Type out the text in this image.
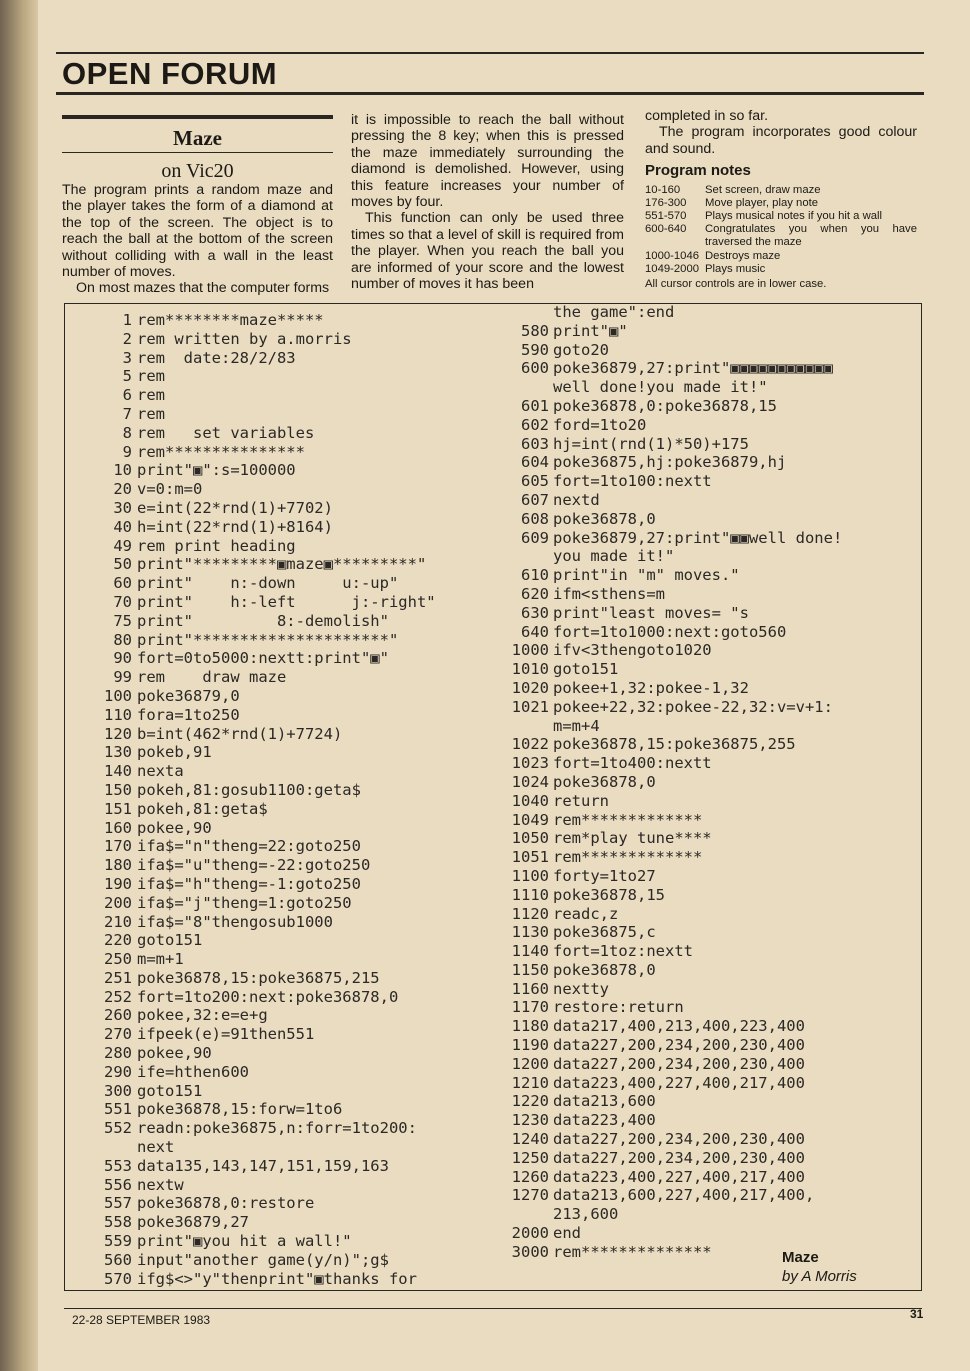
OPEN FORUM
Maze
on Vic20

The program prints a random maze and the player takes the form of a diamond at the top of the screen. The object is to reach the ball at the bottom of the screen without colliding with a wall in the least number of moves.

On most mazes that the computer forms

it is impossible to reach the ball without pressing the 8 key; when this is pressed the maze immediately surrounding the diamond is demolished. However, using this feature increases your number of moves by four.

This function can only be used three times so that a level of skill is required from the player. When you reach the ball you are informed of your score and the lowest number of moves it has been

completed in so far.

The program incorporates good colour and sound.

Program notes
10-160	Set screen, draw maze
176-300	Move player, play note
551-570	Plays musical notes if you hit a wall
600-640	Congratulates you when you have traversed the maze
1000-1046 Destroys maze
1049-2000 Plays music
All cursor controls are in lower case.
1 rem********maze*****
2 rem written by a.morris
3 rem  date:28/2/83
5 rem
6 rem
7 rem
8 rem   set variables
9 rem***************
10 print"▣":s=100000
20 v=0:m=0
30 e=int(22*rnd(1)+7702)
40 h=int(22*rnd(1)+8164)
49 rem print heading
50 print"*********▣maze▣*********"
60 print"    n:-down     u:-up"
70 print"    h:-left      j:-right"
75 print"         8:-demolish"
80 print"*********************"
90 fort=0to5000:nextt:print"▣"
99 rem    draw maze
100 poke36879,0
110 fora=1to250
120 b=int(462*rnd(1)+7724)
130 pokeb,91
140 nexta
150 pokeh,81:gosub1100:geta$
151 pokeh,81:geta$
160 pokee,90
170 ifa$="n"theng=22:goto250
180 ifa$="u"theng=-22:goto250
190 ifa$="h"theng=-1:goto250
200 ifa$="j"theng=1:goto250
210 ifa$="8"thengosub1000
220 goto151
250 m=m+1
251 poke36878,15:poke36875,215
252 fort=1to200:next:poke36878,0
260 pokee,32:e=e+g
270 ifpeek(e)=91then551
280 pokee,90
290 ife=hthen600
300 goto151
551 poke36878,15:forw=1to6
552 readn:poke36875,n:forr=1to200:
next
553 data135,143,147,151,159,163
556 nextw
557 poke36878,0:restore
558 poke36879,27
559 print"▣you hit a wall!"
560 input"another game(y/n)";g$
570 ifg$<>"y"thenprint"▣thanks for
the game":end
580 print"▣"
590 goto20
600 poke36879,27:print"▣▣▣▣▣▣▣▣▣▣▣
well done!you made it!"
601 poke36878,0:poke36878,15
602 ford=1to20
603 hj=int(rnd(1)*50)+175
604 poke36875,hj:poke36879,hj
605 fort=1to100:nextt
607 nextd
608 poke36878,0
609 poke36879,27:print"▣▣well done!
you made it!"
610 print"in "m" moves."
620 ifm<sthens=m
630 print"least moves= "s
640 fort=1to1000:next:goto560
1000 ifv<3thengoto1020
1010 goto151
1020 pokee+1,32:pokee-1,32
1021 pokee+22,32:pokee-22,32:v=v+1:
m=m+4
1022 poke36878,15:poke36875,255
1023 fort=1to400:nextt
1024 poke36878,0
1040 return
1049 rem*************
1050 rem*play tune****
1051 rem*************
1100 forty=1to27
1110 poke36878,15
1120 readc,z
1130 poke36875,c
1140 fort=1toz:nextt
1150 poke36878,0
1160 nextty
1170 restore:return
1180 data217,400,213,400,223,400
1190 data227,200,234,200,230,400
1200 data227,200,234,200,230,400
1210 data223,400,227,400,217,400
1220 data213,600
1230 data223,400
1240 data227,200,234,200,230,400
1250 data227,200,234,200,230,400
1260 data223,400,227,400,217,400
1270 data213,600,227,400,217,400,
213,600
2000 end
3000 rem**************	Maze
by A Morris
22-28 SEPTEMBER 1983	31
